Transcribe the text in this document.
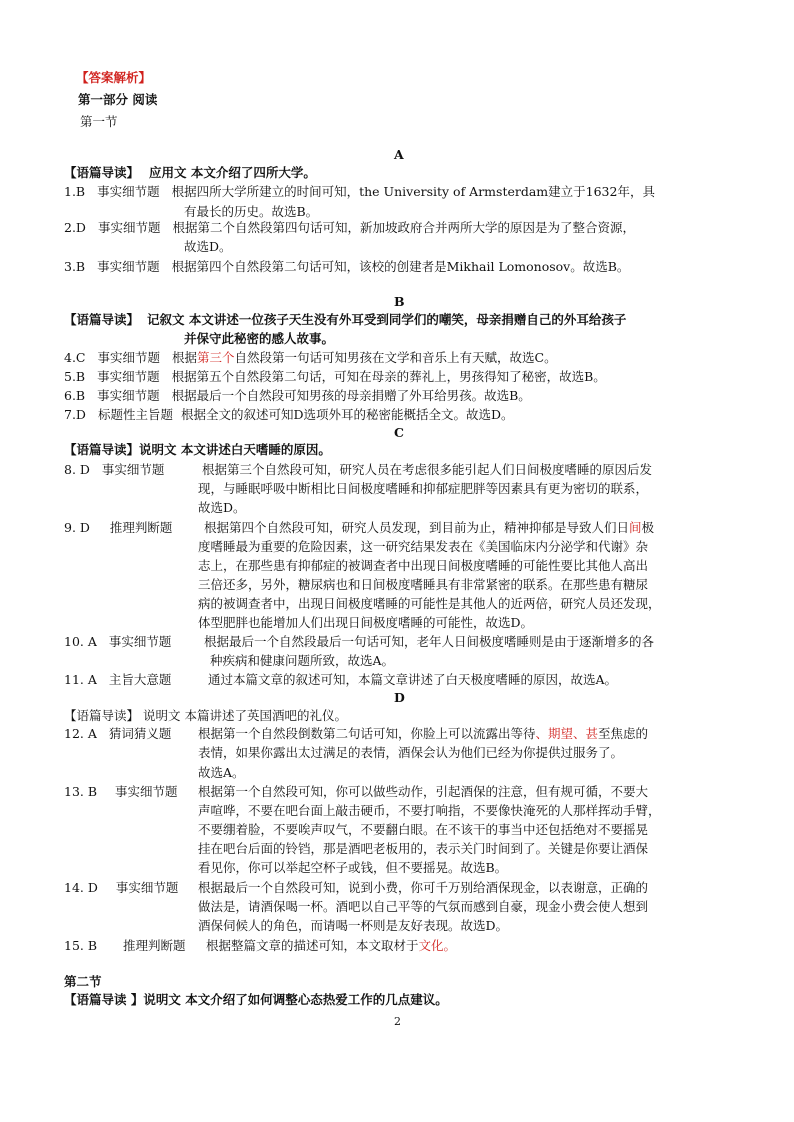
【答案解析】
第一部分 阅读
第一节
A
【语篇导读】 应用文 本文介绍了四所大学。
1.B 事实细节题 根据四所大学所建立的时间可知，the University of Armsterdam建立于1632年，具
有最长的历史。故选B。
2.D 事实细节题 根据第二个自然段第四句话可知，新加坡政府合并两所大学的原因是为了整合资源，
故选D。
3.B 事实细节题 根据第四个自然段第二句话可知，该校的创建者是Mikhail Lomonosov。故选B。
B
【语篇导读】 记叙文 本文讲述一位孩子天生没有外耳受到同学们的嘲笑，母亲捐赠自己的外耳给孩子
并保守此秘密的感人故事。
4.C 事实细节题 根据第三个自然段第一句话可知男孩在文学和音乐上有天赋，故选C。
5.B 事实细节题 根据第五个自然段第二句话，可知在母亲的葬礼上，男孩得知了秘密，故选B。
6.B 事实细节题 根据最后一个自然段可知男孩的母亲捐赠了外耳给男孩。故选B。
7.D 标题性主旨题 根据全文的叙述可知D选项外耳的秘密能概括全文。故选D。
C
【语篇导读】说明文 本文讲述白天嗜睡的原因。
8. D 事实细节题	根据第三个自然段可知，研究人员在考虑很多能引起人们日间极度嗜睡的原因后发
现，与睡眠呼吸中断相比日间极度嗜睡和抑郁症肥胖等因素具有更为密切的联系，
故选D。
9. D 推理判断题	根据第四个自然段可知，研究人员发现，到目前为止，精神抑郁是导致人们日间极
度嗜睡最为重要的危险因素，这一研究结果发表在《美国临床内分泌学和代谢》杂
志上，在那些患有抑郁症的被调查者中出现日间极度嗜睡的可能性要比其他人高出
三倍还多，另外，糖尿病也和日间极度嗜睡具有非常紧密的联系。在那些患有糖尿
病的被调查者中，出现日间极度嗜睡的可能性是其他人的近两倍，研究人员还发现，
体型肥胖也能增加人们出现日间极度嗜睡的可能性，故选D。
10. A 事实细节题	根据最后一个自然段最后一句话可知，老年人日间极度嗜睡则是由于逐渐增多的各
种疾病和健康问题所致，故选A。
11. A 主旨大意题	通过本篇文章的叙述可知，本篇文章讲述了白天极度嗜睡的原因，故选A。
D
【语篇导读】 说明文 本篇讲述了英国酒吧的礼仪。
12. A 猜词猜义题 根据第一个自然段倒数第二句话可知，你脸上可以流露出等待、期望、甚至焦虑的
表情，如果你露出太过满足的表情，酒保会认为他们已经为你提供过服务了。
故选A。
13. B 事实细节题 根据第一个自然段可知，你可以做些动作，引起酒保的注意，但有规可循，不要大
声喧哗，不要在吧台面上敲击硬币，不要打响指，不要像快淹死的人那样挥动手臂，
不要绷着脸，不要唉声叹气，不要翻白眼。在不该干的事当中还包括绝对不要摇晃
挂在吧台后面的铃铛，那是酒吧老板用的，表示关门时间到了。关键是你要让酒保
看见你，你可以举起空杯子或钱，但不要摇晃。故选B。
14. D 事实细节题 根据最后一个自然段可知，说到小费，你可千万别给酒保现金，以表谢意，正确的
做法是，请酒保喝一杯。酒吧以自己平等的气氛而感到自豪，现金小费会使人想到
酒保伺候人的角色，而请喝一杯则是友好表现。故选D。
15. B 推理判断题 根据整篇文章的描述可知，本文取材于文化。
第二节
【语篇导读 】说明文 本文介绍了如何调整心态热爱工作的几点建议。
2
